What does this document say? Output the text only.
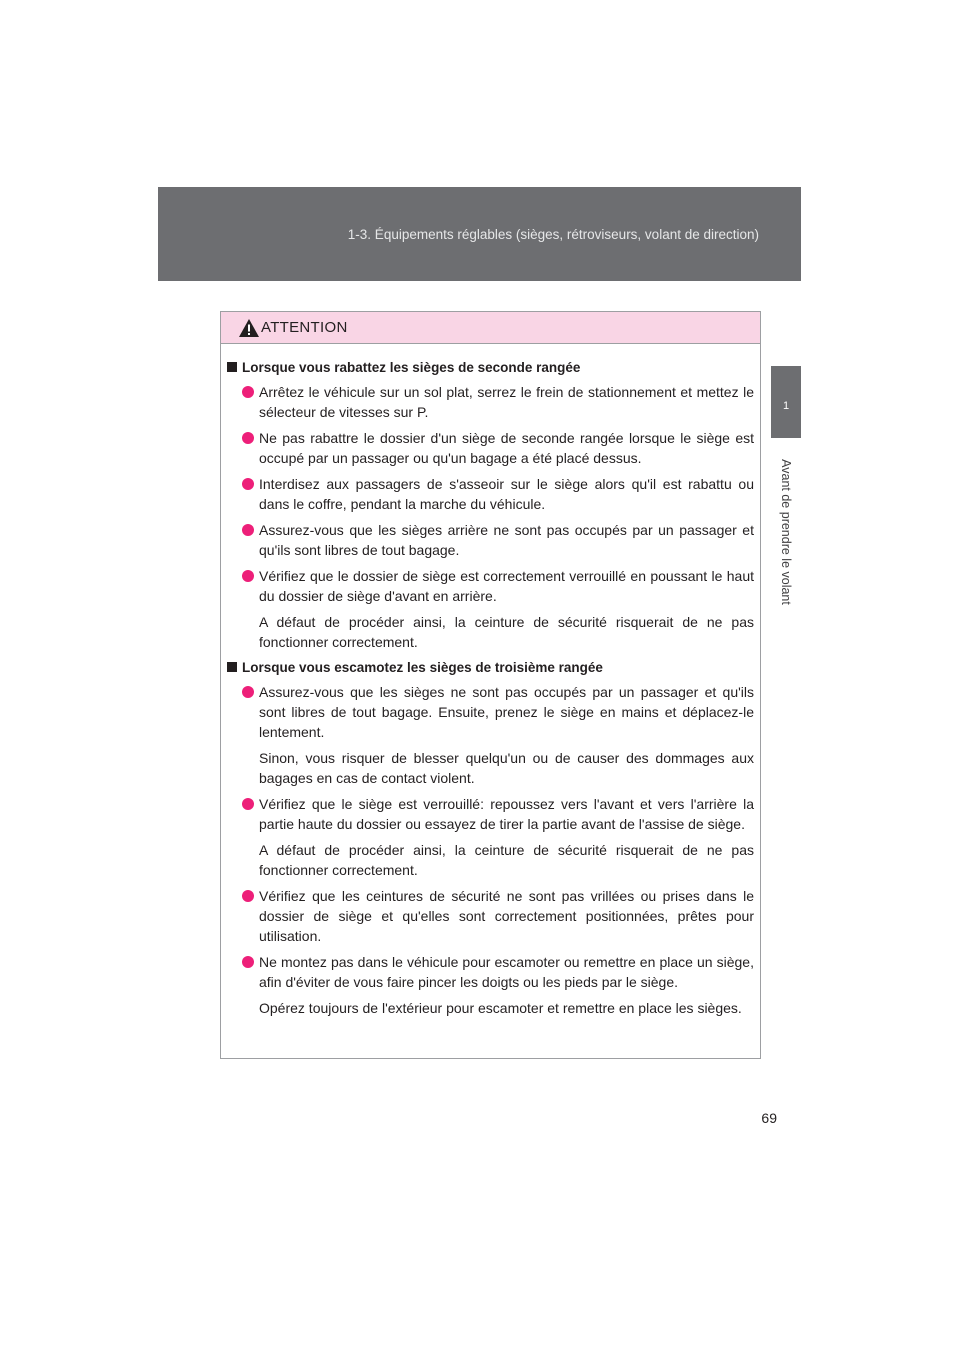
1-3. Équipements réglables (sièges, rétroviseurs, volant de direction)
1
Avant de prendre le volant
ATTENTION
Lorsque vous rabattez les sièges de seconde rangée
Arrêtez le véhicule sur un sol plat, serrez le frein de stationnement et mettez le sélecteur de vitesses sur P.
Ne pas rabattre le dossier d'un siège de seconde rangée lorsque le siège est occupé par un passager ou qu'un bagage a été placé dessus.
Interdisez aux passagers de s'asseoir sur le siège alors qu'il est rabattu ou dans le coffre, pendant la marche du véhicule.
Assurez-vous que les sièges arrière ne sont pas occupés par un passager et qu'ils sont libres de tout bagage.
Vérifiez que le dossier de siège est correctement verrouillé en poussant le haut du dossier de siège d'avant en arrière.
A défaut de procéder ainsi, la ceinture de sécurité risquerait de ne pas fonctionner correctement.
Lorsque vous escamotez les sièges de troisième rangée
Assurez-vous que les sièges ne sont pas occupés par un passager et qu'ils sont libres de tout bagage. Ensuite, prenez le siège en mains et déplacez-le lentement.
Sinon, vous risquer de blesser quelqu'un ou de causer des dommages aux bagages en cas de contact violent.
Vérifiez que le siège est verrouillé: repoussez vers l'avant et vers l'arrière la partie haute du dossier ou essayez de tirer la partie avant de l'assise de siège.
A défaut de procéder ainsi, la ceinture de sécurité risquerait de ne pas fonctionner correctement.
Vérifiez que les ceintures de sécurité ne sont pas vrillées ou prises dans le dossier de siège et qu'elles sont correctement positionnées, prêtes pour utilisation.
Ne montez pas dans le véhicule pour escamoter ou remettre en place un siège, afin d'éviter de vous faire pincer les doigts ou les pieds par le siège.
Opérez toujours de l'extérieur pour escamoter et remettre en place les sièges.
69
